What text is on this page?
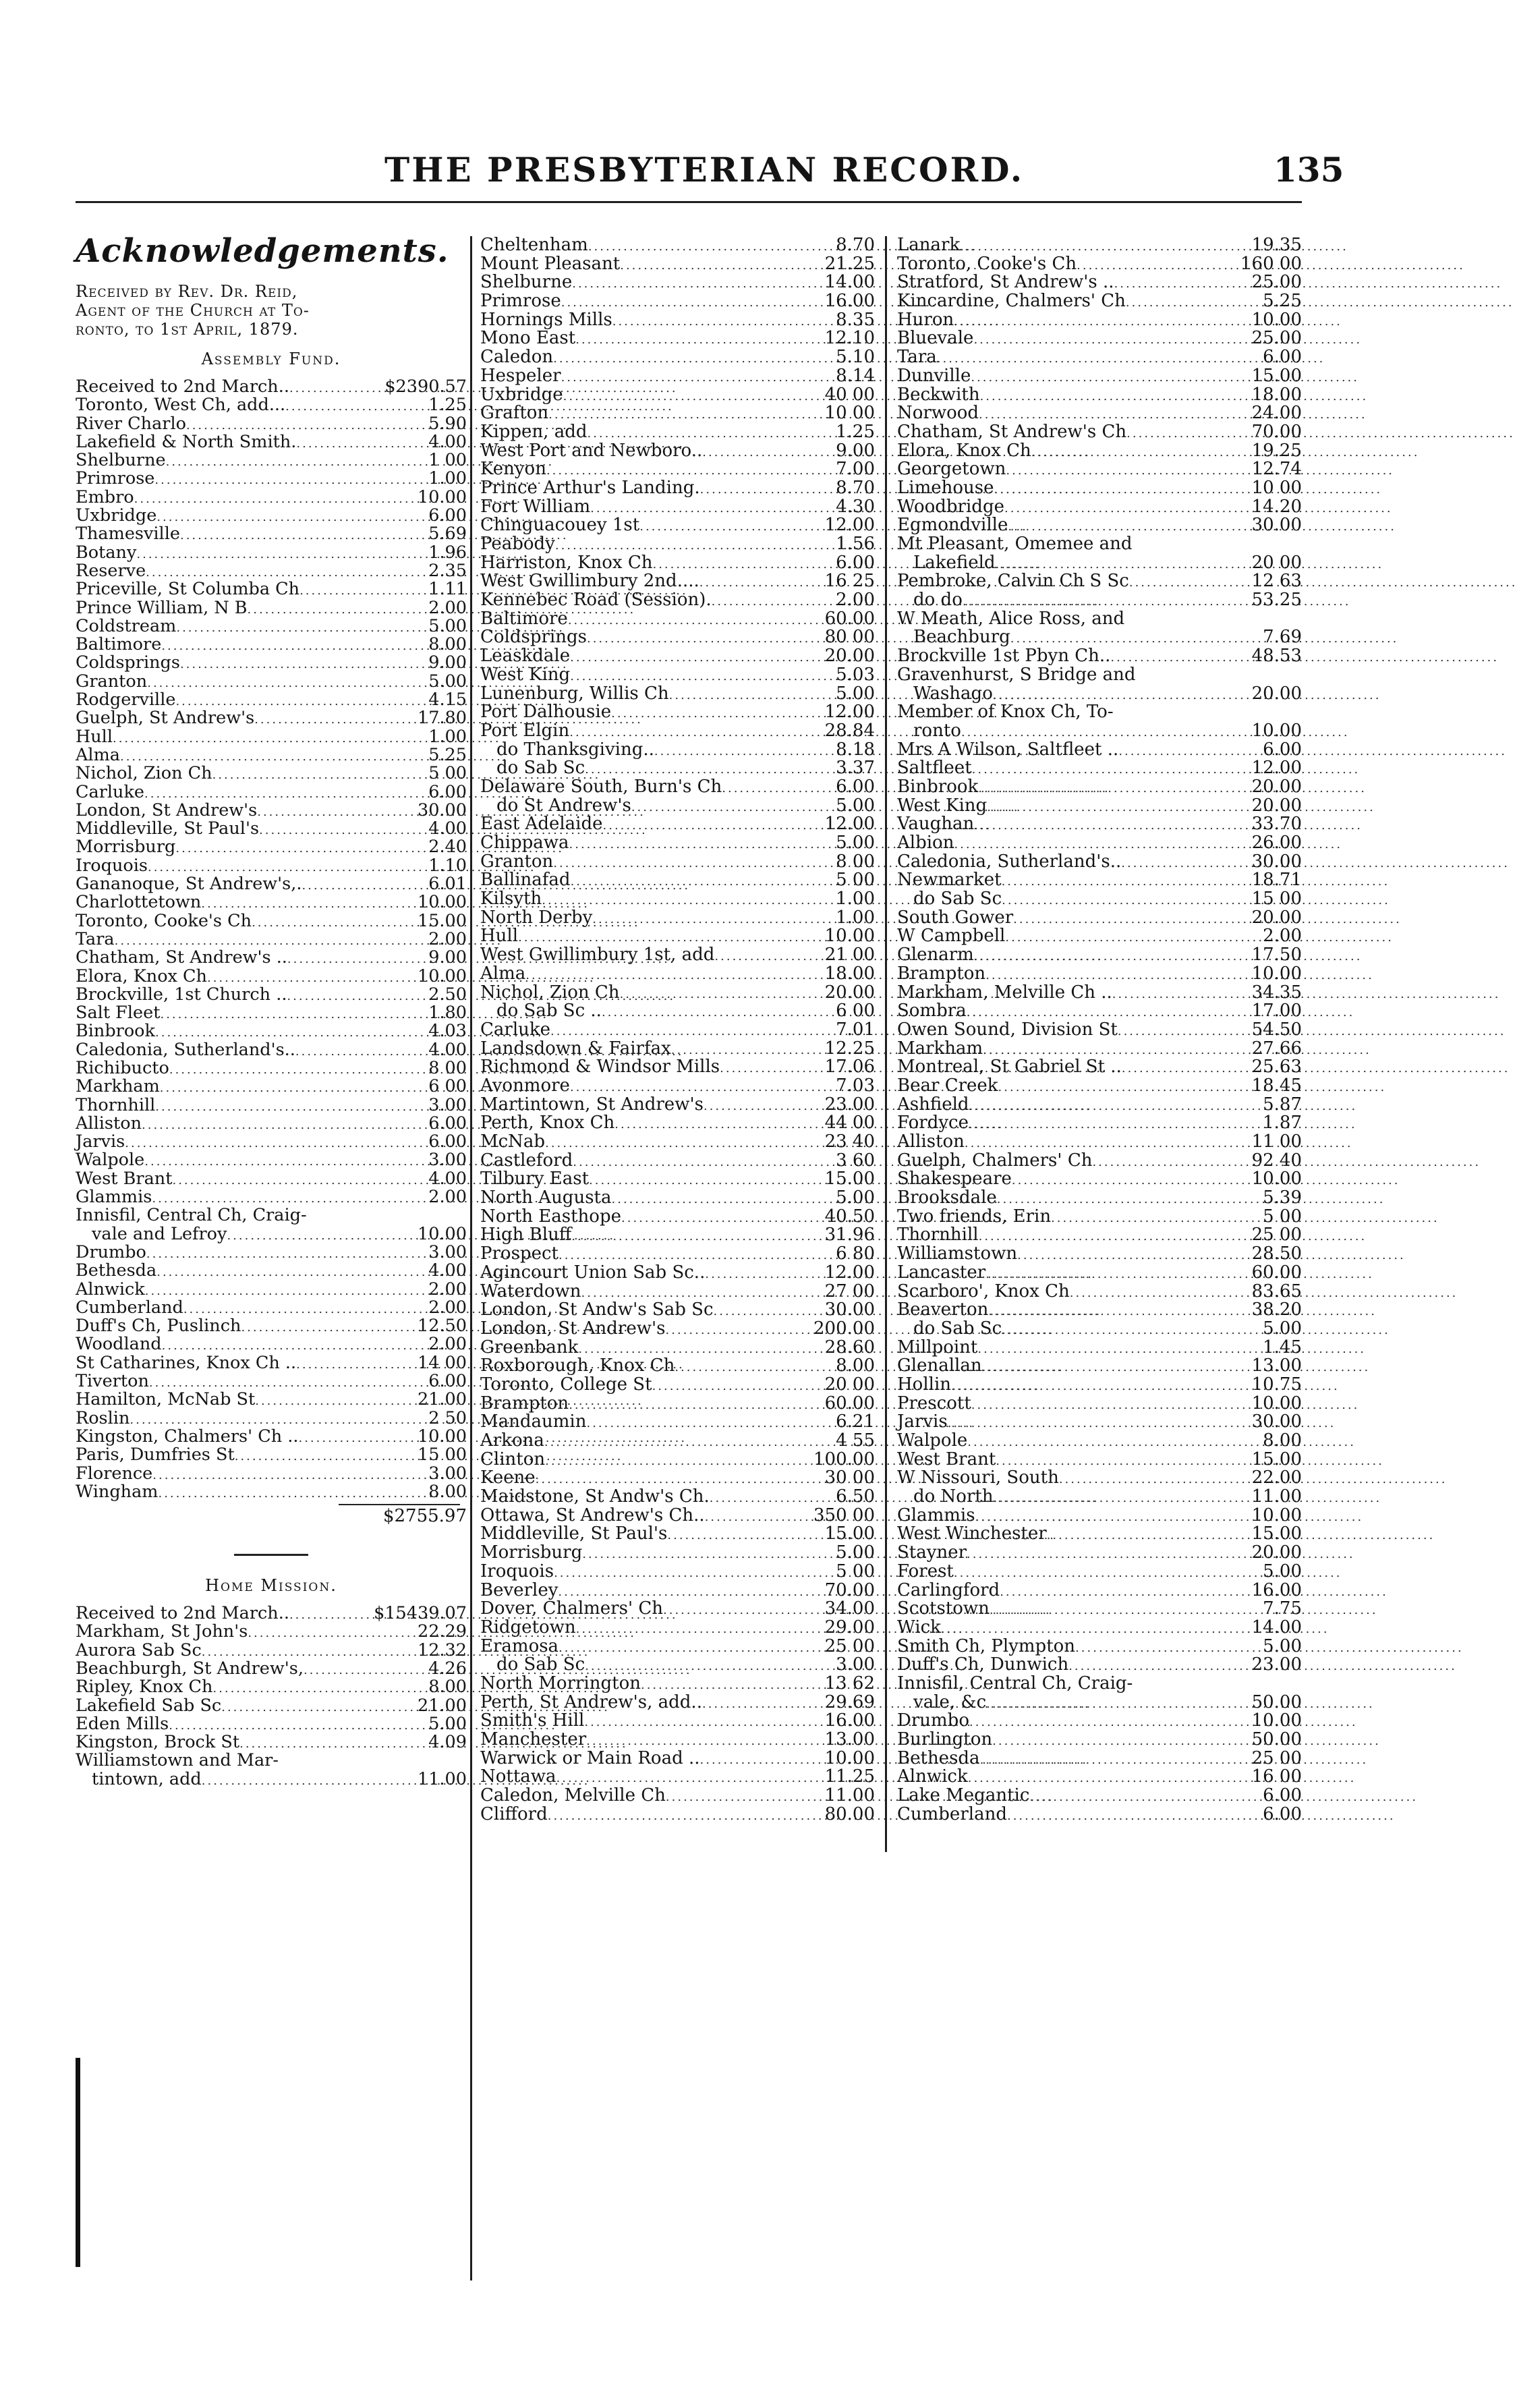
THE PRESBYTERIAN RECORD.	135
Acknowledgements.
Received by Rev. Dr. Reid,
Agent of the Church at To-
ronto, to 1st April, 1879.
Assembly Fund.
Received to 2nd March.. .....	$2390.57
Toronto, West Ch, add... .....	1.25
River Charlo .....	5.90
Lakefield & North Smith. .....	4.00
Shelburne .....	1 00
Primrose .....	1.00
Embro .....	10.00
Uxbridge .....	6.00
Thamesville .....	5.69
Botany .....	1.96
Reserve .....	2.35
Priceville, St Columba Ch .....	1.11
Prince William, N B .....	2.00
Coldstream .....	5.00
Baltimore .....	8.00
Coldsprings .....	9.00
Granton .....	5.00
Rodgerville .....	4.15
Guelph, St Andrew's .....	17.80
Hull .....	1.00
Alma .....	5.25
Nichol, Zion Ch .....	5 00
Carluke .....	6.00
London, St Andrew's .....	30.00
Middleville, St Paul's .....	4.00
Morrisburg .....	2.40
Iroquois .....	1.10
Gananoque, St Andrew's,. .....	6.01
Charlottetown .....	10.00
Toronto, Cooke's Ch .....	15.00
Tara .....	2.00
Chatham, St Andrew's .. .....	9.00
Elora, Knox Ch .....	10.00
Brockville, 1st Church .. .....	2.50
Salt Fleet .....	1.80
Binbrook .....	4.03
Caledonia, Sutherland's.. .....	4.00
Richibucto .....	8 00
Markham .....	6 00
Thornhill .....	3.00
Alliston .....	6.00
Jarvis .....	6.00
Walpole .....	3.00
West Brant .....	4.00
Glammis .....	2.00
Innisfil, Central Ch, Craig-
vale and Lefroy .....	10.00
Drumbo .....	3.00
Bethesda .....	4.00
Alnwick .....	2.00
Cumberland .....	2.00
Duff's Ch, Puslinch .....	12.50
Woodland .....	2.00
St Catharines, Knox Ch .. .....	14 00
Tiverton .....	6.00
Hamilton, McNab St .....	21.00
Roslin .....	2 50
Kingston, Chalmers' Ch .. .....	10.00
Paris, Dumfries St .....	15 00
Florence .....	3.00
Wingham .....	8.00
$2755.97
Home Mission.
Received to 2nd March.. .....	$15439.07
Markham, St John's .....	22.29
Aurora Sab Sc .....	12.32
Beachburgh, St Andrew's, .....	4.26
Ripley, Knox Ch .....	8.00
Lakefield Sab Sc .....	21.00
Eden Mills .....	5.00
Kingston, Brock St .....	4.09
Williamstown and Mar-
tintown, add .....	11.00
Cheltenham .....	8.70
Mount Pleasant .....	21.25
Shelburne .....	14.00
Primrose .....	16.00
Hornings Mills .....	8.35
Mono East .....	12.10
Caledon .....	5.10
Hespeler .....	8.14
Uxbridge .....	40 00
Grafton .....	10 00
Kippen, add .....	1.25
West Port and Newboro.. .....	9.00
Kenyon .....	7.00
Prince Arthur's Landing. .....	8.70
Fort William .....	4.30
Chinguacouey 1st .....	12.00
Peabody .....	1.56
Harriston, Knox Ch .....	6.00
West Gwillimbury 2nd.... .....	16 25
Kennebec Road (Session). .....	2.00
Baltimore .....	60.00
Coldsprings .....	80 00
Leaskdale .....	20.00
West King .....	5.03
Lunenburg, Willis Ch .....	5.00
Port Dalhousie .....	12.00
Port Elgin .....	28.84
do Thanksgiving.. .....	8.18
do Sab Sc .....	3.37
Delaware South, Burn's Ch .....	6.00
do St Andrew's .....	5.00
East Adelaide .....	12.00
Chippawa .....	5.00
Granton .....	8 00
Ballinafad .....	5 00
Kilsyth .....	1.00
North Derby .....	1.00
Hull .....	10.00
West Gwillimbury 1st, add .....	21 00
Alma .....	18.00
Nichol, Zion Ch .....	20.00
do Sab Sc .. .....	6 00
Carluke .....	7.01
Landsdown & Fairfax .....	12.25
Richmond & Windsor Mills .....	17.06
Avonmore .....	7.03
Martintown, St Andrew's .....	23.00
Perth, Knox Ch .....	44 00
McNab .....	23 40
Castleford .....	3 60
Tilbury East .....	15.00
North Augusta .....	5.00
North Easthope .....	40.50
High Bluff .....	31.96
Prospect .....	6 80
Agincourt Union Sab Sc.. .....	12.00
Waterdown .....	27 00
London, St Andw's Sab Sc .....	30.00
London, St Andrew's .....	200.00
Greenbank .....	28.60
Roxborough, Knox Ch .....	8.00
Toronto, College St .....	20 00
Brampton .....	60.00
Mandaumin .....	6.21
Arkona .....	4 55
Clinton .....	100.00
Keene .....	30 00
Maidstone, St Andw's Ch. .....	6.50
Ottawa, St Andrew's Ch.. .....	350 00
Middleville, St Paul's .....	15.00
Morrisburg .....	5.00
Iroquois .....	5 00
Beverley .....	70.00
Dover, Chalmers' Ch .....	34.00
Ridgetown .....	29.00
Eramosa .....	25 00
do Sab Sc .....	3.00
North Morrington .....	13 62
Perth, St Andrew's, add.. .....	29.69
Smith's Hill .....	16.00
Manchester .....	13.00
Warwick or Main Road .. .....	10.00
Nottawa .....	11.25
Caledon, Melville Ch .....	11.00
Clifford .....	80.00
Lanark .....	19.35
Toronto, Cooke's Ch .....	160 00
Stratford, St Andrew's .. .....	25.00
Kincardine, Chalmers' Ch .....	5.25
Huron .....	10.00
Bluevale .....	25.00
Tara .....	6.00
Dunville .....	15.00
Beckwith .....	18.00
Norwood .....	24.00
Chatham, St Andrew's Ch .....	70.00
Elora, Knox Ch .....	19.25
Georgetown .....	12.74
Limehouse .....	10 00
Woodbridge .....	14.20
Egmondville .....	30.00
Mt Pleasant, Omemee and
Lakefield .....	20 00
Pembroke, Calvin Ch S Sc .....	12 63
do do .....	53.25
W Meath, Alice Ross, and
Beachburg .....	7.69
Brockville 1st Pbyn Ch.. .....	48.53
Gravenhurst, S Bridge and
Washago .....	20.00
Member of Knox Ch, To-
ronto .....	10.00
Mrs A Wilson, Saltfleet .. .....	6.00
Saltfleet .....	12.00
Binbrook .....	20.00
West King .....	20.00
Vaughan .....	33.70
Albion .....	26.00
Caledonia, Sutherland's.. .....	30.00
Newmarket .....	18.71
do Sab Sc .....	15 00
South Gower .....	20.00
W Campbell .....	2.00
Glenarm .....	17.50
Brampton .....	10.00
Markham, Melville Ch .. .....	34.35
Sombra .....	17.00
Owen Sound, Division St .....	54.50
Markham .....	27.66
Montreal, St Gabriel St .. .....	25.63
Bear Creek .....	18.45
Ashfield .....	5.87
Fordyce .....	1.87
Alliston .....	11 00
Guelph, Chalmers' Ch .....	92 40
Shakespeare .....	10.00
Brooksdale .....	5.39
Two friends, Erin .....	5 00
Thornhill .....	25 00
Williamstown .....	28.50
Lancaster .....	60.00
Scarboro', Knox Ch .....	83.65
Beaverton .....	38.20
do Sab Sc .....	5.00
Millpoint .....	1.45
Glenallan .....	13.00
Hollin .....	10.75
Prescott .....	10.00
Jarvis .....	30.00
Walpole .....	8.00
West Brant .....	15.00
W Nissouri, South .....	22.00
do North .....	11.00
Glammis .....	10.00
West Winchester .....	15.00
Stayner .....	20.00
Forest .....	5.00
Carlingford .....	16.00
Scotstown .....	7.75
Wick .....	14.00
Smith Ch, Plympton .....	5.00
Duff's Ch, Dunwich .....	23.00
Innisfil, Central Ch, Craig-
vale, &c .....	50.00
Drumbo .....	10.00
Burlington .....	50.00
Bethesda .....	25 00
Alnwick .....	16 00
Lake Megantic .....	6.00
Cumberland .....	6.00
